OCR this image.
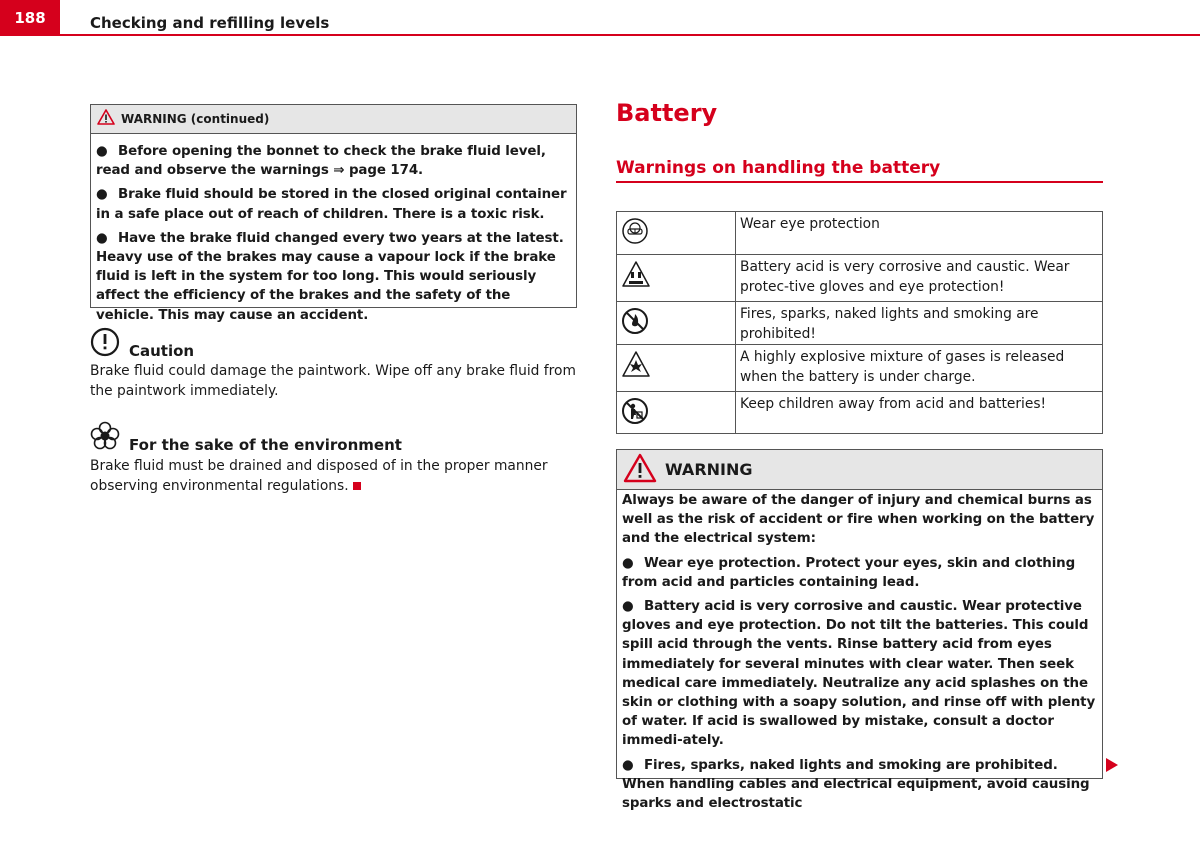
188	Checking and refilling levels
WARNING (continued)

● Before opening the bonnet to check the brake fluid level, read and observe the warnings ⇒ page 174.

● Brake fluid should be stored in the closed original container in a safe place out of reach of children. There is a toxic risk.

● Have the brake fluid changed every two years at the latest. Heavy use of the brakes may cause a vapour lock if the brake fluid is left in the system for too long. This would seriously affect the efficiency of the brakes and the safety of the vehicle. This may cause an accident.

Caution
Brake fluid could damage the paintwork. Wipe off any brake fluid from the paintwork immediately.
For the sake of the environment
Brake fluid must be drained and disposed of in the proper manner observing environmental regulations.
Battery
Warnings on handling the battery
	Wear eye protection
	Battery acid is very corrosive and caustic. Wear protec-tive gloves and eye protection!
	Fires, sparks, naked lights and smoking are prohibited!
	A highly explosive mixture of gases is released when the battery is under charge.
	Keep children away from acid and batteries!
WARNING

Always be aware of the danger of injury and chemical burns as well as the risk of accident or fire when working on the battery and the electrical system:

● Wear eye protection. Protect your eyes, skin and clothing from acid and particles containing lead.

● Battery acid is very corrosive and caustic. Wear protective gloves and eye protection. Do not tilt the batteries. This could spill acid through the vents. Rinse battery acid from eyes immediately for several minutes with clear water. Then seek medical care immediately. Neutralize any acid splashes on the skin or clothing with a soapy solution, and rinse off with plenty of water. If acid is swallowed by mistake, consult a doctor immedi-ately.

● Fires, sparks, naked lights and smoking are prohibited. When handling cables and electrical equipment, avoid causing sparks and electrostatic
